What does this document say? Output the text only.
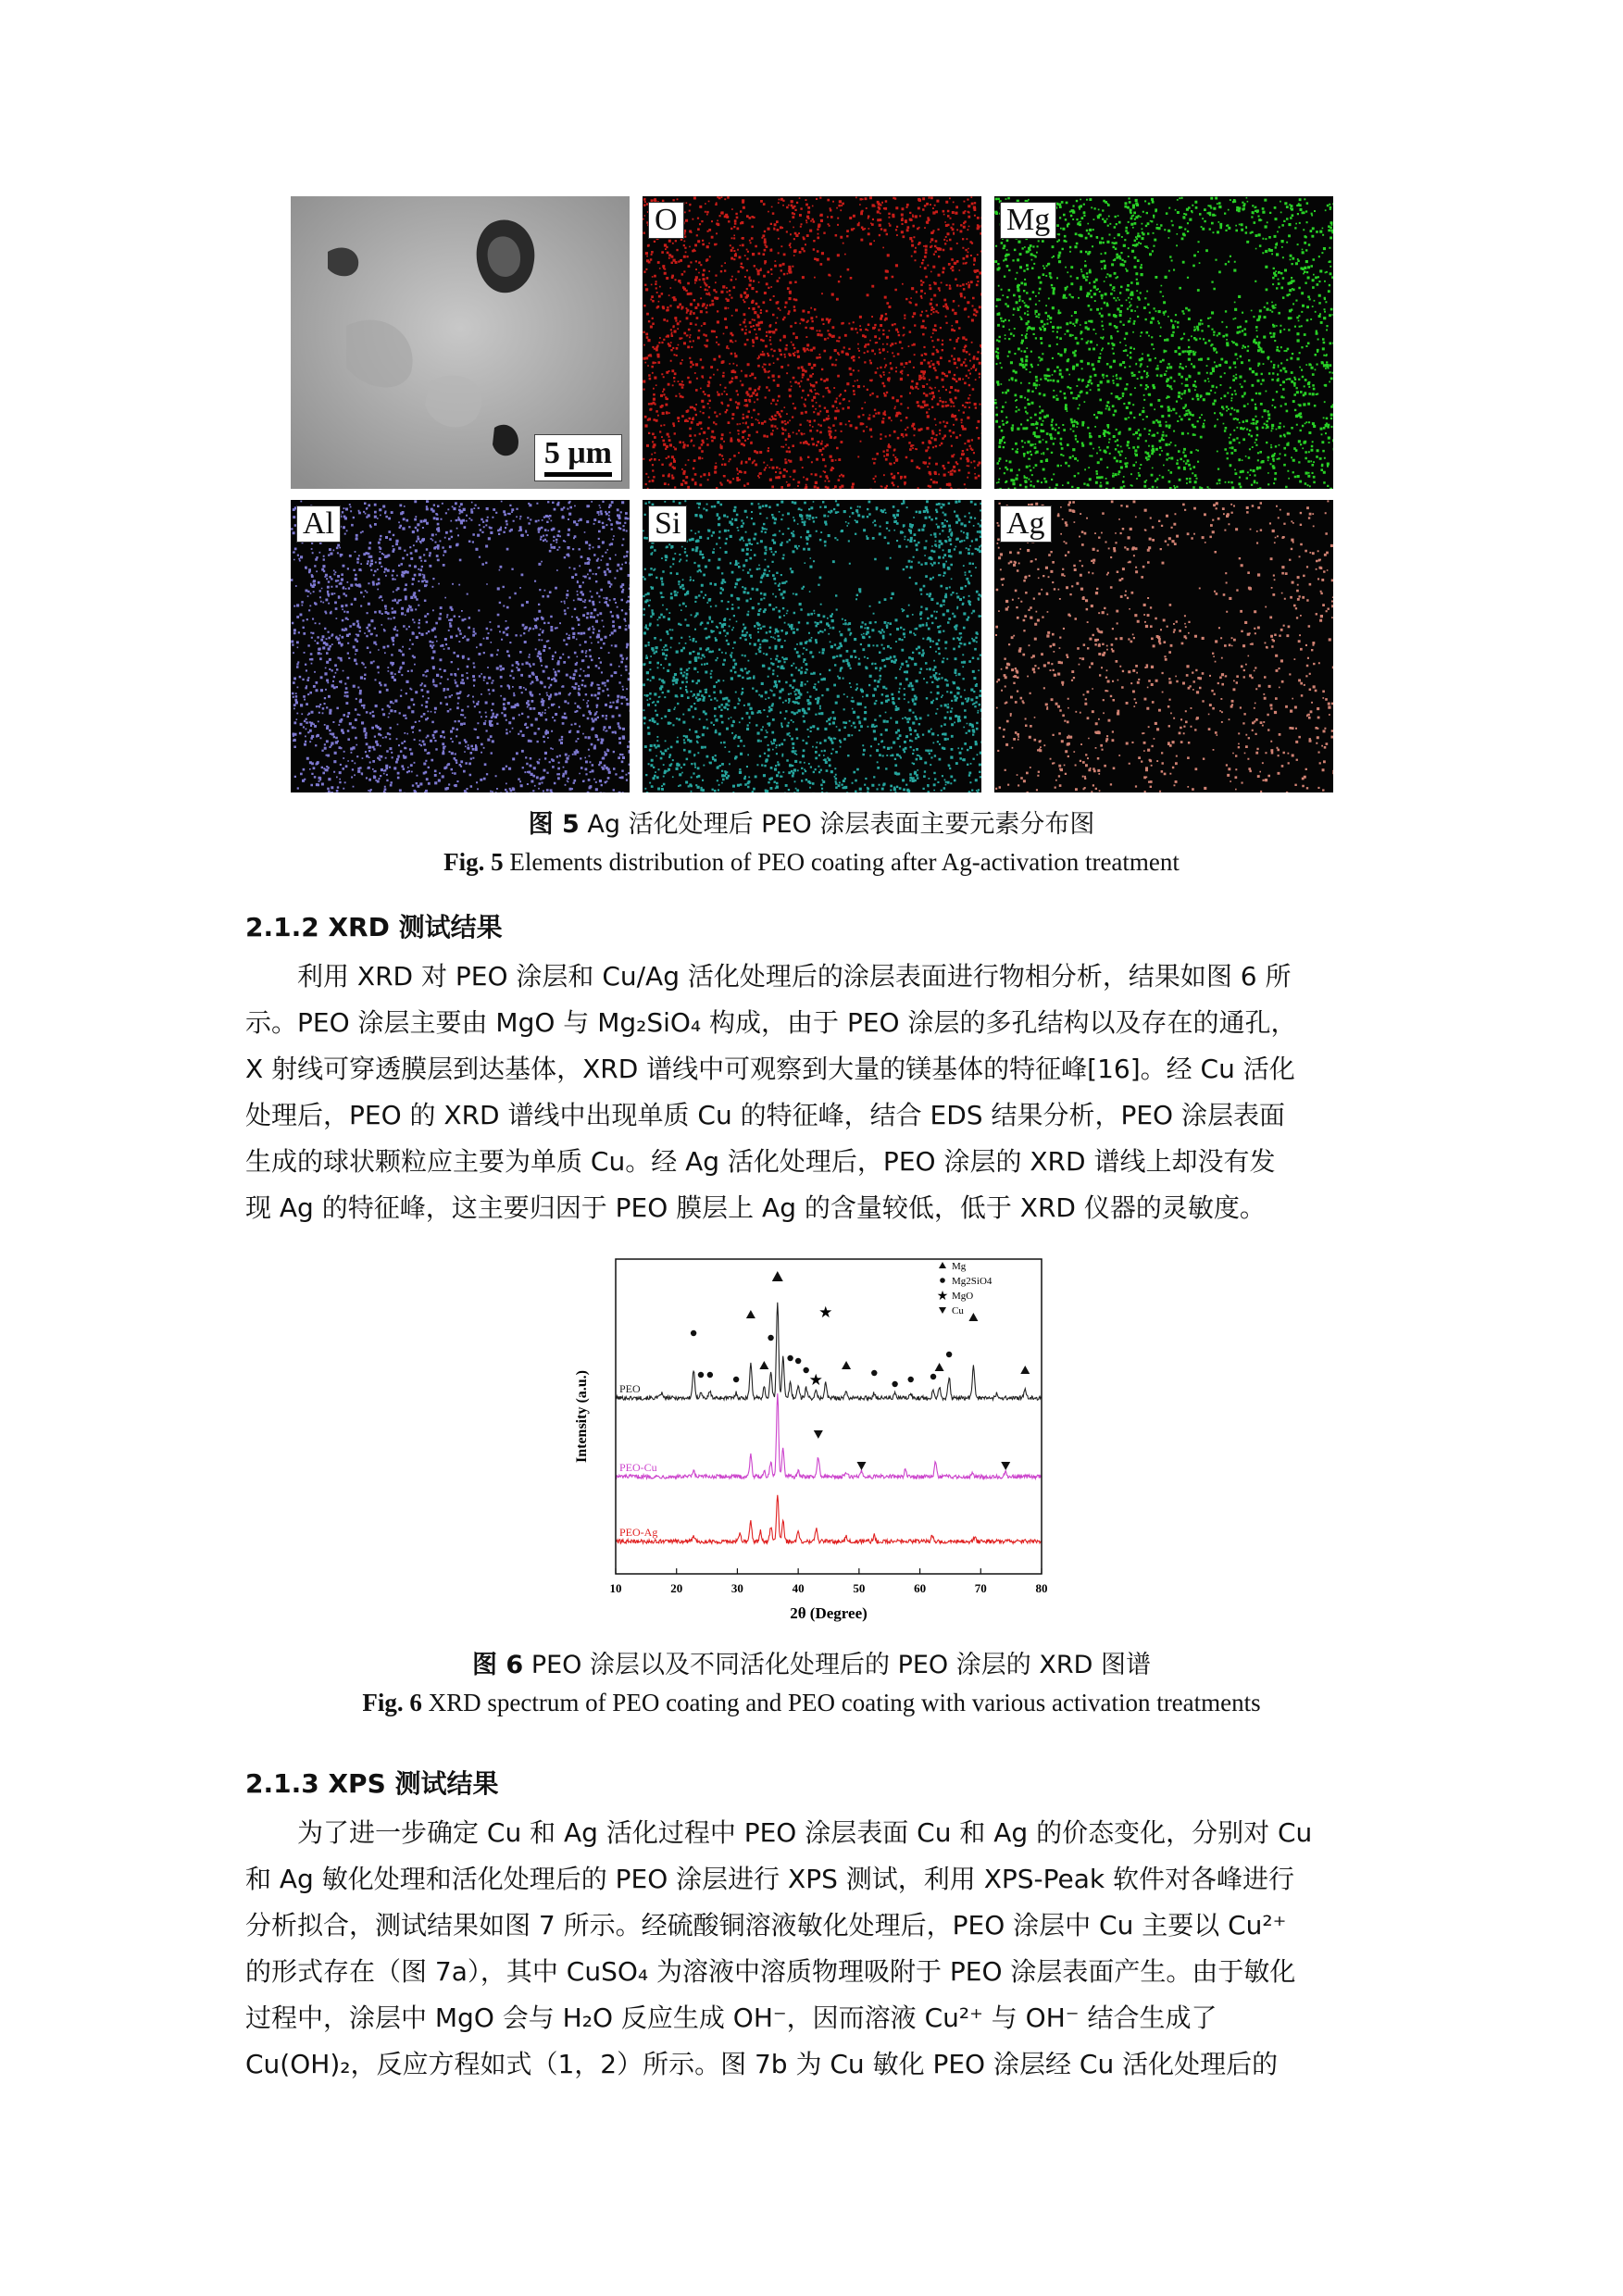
5 μm
O	Mg
Al	Si	Ag
图 5 Ag 活化处理后 PEO 涂层表面主要元素分布图
Fig. 5 Elements distribution of PEO coating after Ag-activation treatment
2.1.2 XRD 测试结果
利用 XRD 对 PEO 涂层和 Cu/Ag 活化处理后的涂层表面进行物相分析，结果如图 6 所
示。PEO 涂层主要由 MgO 与 Mg₂SiO₄ 构成，由于 PEO 涂层的多孔结构以及存在的通孔，
X 射线可穿透膜层到达基体，XRD 谱线中可观察到大量的镁基体的特征峰[16]。经 Cu 活化
处理后，PEO 的 XRD 谱线中出现单质 Cu 的特征峰，结合 EDS 结果分析，PEO 涂层表面
生成的球状颗粒应主要为单质 Cu。经 Ag 活化处理后，PEO 涂层的 XRD 谱线上却没有发
现 Ag 的特征峰，这主要归因于 PEO 膜层上 Ag 的含量较低，低于 XRD 仪器的灵敏度。
PEO
PEO-Cu
PEO-Ag
★
★
10	20	30	40	50	60	70	80
2θ (Degree)
Intensity (a.u.)
Mg
Mg2SiO4
★ MgO
Cu
图 6 PEO 涂层以及不同活化处理后的 PEO 涂层的 XRD 图谱
Fig. 6 XRD spectrum of PEO coating and PEO coating with various activation treatments
2.1.3 XPS 测试结果
为了进一步确定 Cu 和 Ag 活化过程中 PEO 涂层表面 Cu 和 Ag 的价态变化，分别对 Cu
和 Ag 敏化处理和活化处理后的 PEO 涂层进行 XPS 测试，利用 XPS-Peak 软件对各峰进行
分析拟合，测试结果如图 7 所示。经硫酸铜溶液敏化处理后，PEO 涂层中 Cu 主要以 Cu²⁺
的形式存在（图 7a），其中 CuSO₄ 为溶液中溶质物理吸附于 PEO 涂层表面产生。由于敏化
过程中，涂层中 MgO 会与 H₂O 反应生成 OH⁻，因而溶液 Cu²⁺ 与 OH⁻ 结合生成了
Cu(OH)₂，反应方程如式（1，2）所示。图 7b 为 Cu 敏化 PEO 涂层经 Cu 活化处理后的
